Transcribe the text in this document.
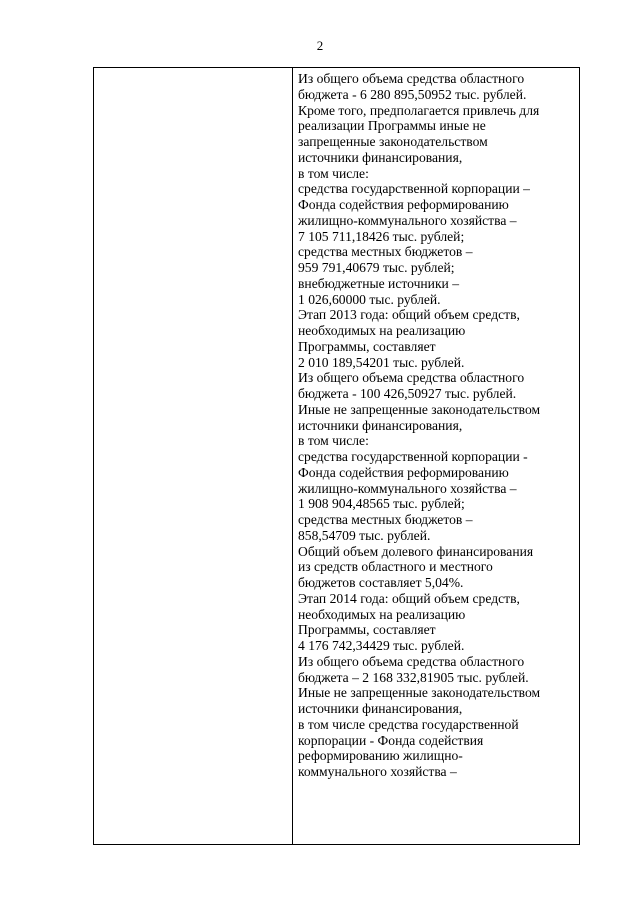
2
Из общего объема средства областного
бюджета - 6 280 895,50952 тыс. рублей.
Кроме того, предполагается привлечь для
реализации Программы иные не
запрещенные законодательством
источники финансирования,
в том числе:
средства государственной корпорации –
Фонда содействия реформированию
жилищно-коммунального хозяйства –
7 105 711,18426 тыс. рублей;
средства местных бюджетов –
959 791,40679 тыс. рублей;
внебюджетные источники –
1 026,60000 тыс. рублей.
Этап 2013 года: общий объем средств,
необходимых на реализацию
Программы, составляет
2 010 189,54201 тыс. рублей.
Из общего объема средства областного
бюджета - 100 426,50927 тыс. рублей.
Иные не запрещенные законодательством
источники финансирования,
в том числе:
средства государственной корпорации -
Фонда содействия реформированию
жилищно-коммунального хозяйства –
1 908 904,48565 тыс. рублей;
средства местных бюджетов –
858,54709 тыс. рублей.
Общий объем долевого финансирования
из средств областного и местного
бюджетов составляет 5,04%.
Этап 2014 года: общий объем средств,
необходимых на реализацию
Программы, составляет
4 176 742,34429 тыс. рублей.
Из общего объема средства областного
бюджета – 2 168 332,81905 тыс. рублей.
Иные не запрещенные законодательством
источники финансирования,
в том числе средства государственной
корпорации - Фонда содействия
реформированию жилищно-
коммунального хозяйства –
